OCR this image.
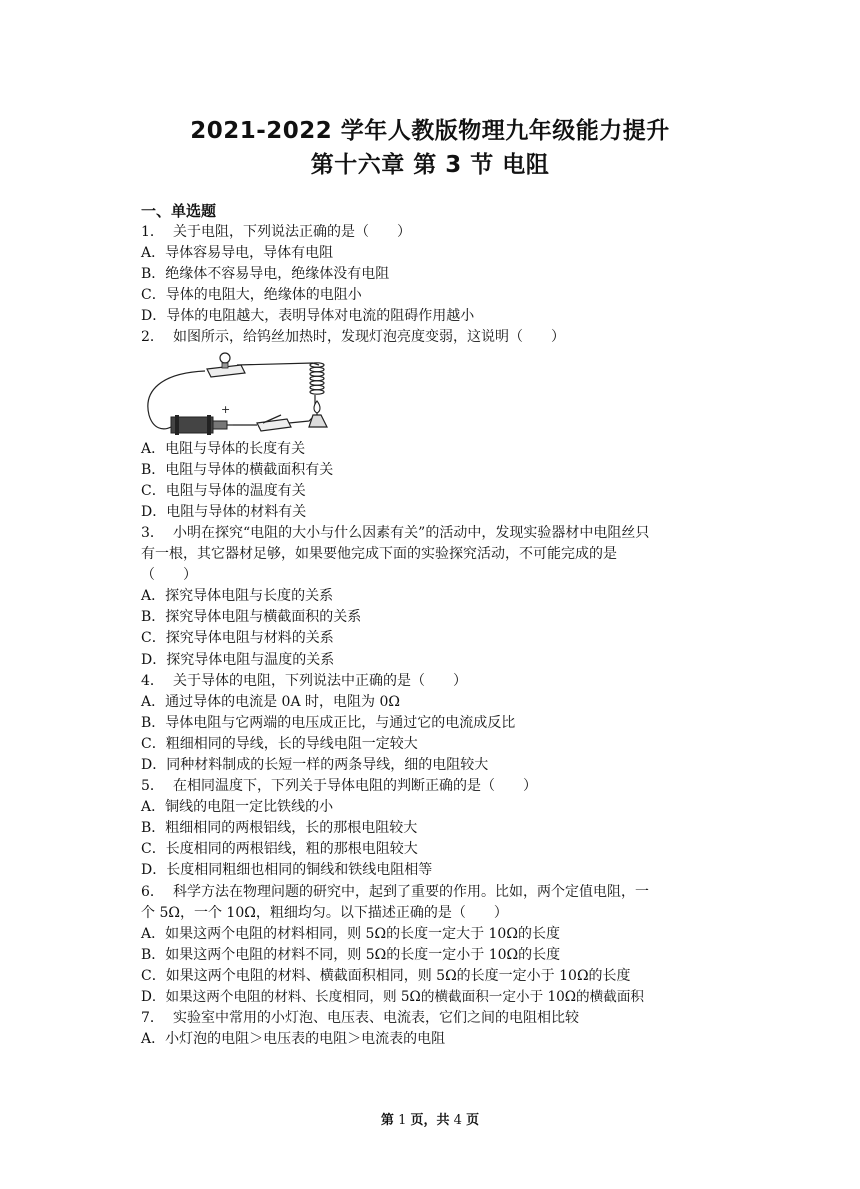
2021-2022 学年人教版物理九年级能力提升
第十六章 第 3 节 电阻
一、单选题
1． 关于电阻，下列说法正确的是（　　）
A．导体容易导电，导体有电阻
B．绝缘体不容易导电，绝缘体没有电阻
C．导体的电阻大，绝缘体的电阻小
D．导体的电阻越大，表明导体对电流的阻碍作用越小
2． 如图所示，给钨丝加热时，发现灯泡亮度变弱，这说明（　　）
+
A．电阻与导体的长度有关
B．电阻与导体的横截面积有关
C．电阻与导体的温度有关
D．电阻与导体的材料有关
3． 小明在探究“电阻的大小与什么因素有关”的活动中，发现实验器材中电阻丝只
有一根，其它器材足够，如果要他完成下面的实验探究活动，不可能完成的是
（　　）
A．探究导体电阻与长度的关系
B．探究导体电阻与横截面积的关系
C．探究导体电阻与材料的关系
D．探究导体电阻与温度的关系
4． 关于导体的电阻，下列说法中正确的是（　　）
A．通过导体的电流是 0A 时，电阻为 0Ω
B．导体电阻与它两端的电压成正比，与通过它的电流成反比
C．粗细相同的导线，长的导线电阻一定较大
D．同种材料制成的长短一样的两条导线，细的电阻较大
5． 在相同温度下，下列关于导体电阻的判断正确的是（　　）
A．铜线的电阻一定比铁线的小
B．粗细相同的两根铝线，长的那根电阻较大
C．长度相同的两根铝线，粗的那根电阻较大
D．长度相同粗细也相同的铜线和铁线电阻相等
6． 科学方法在物理问题的研究中，起到了重要的作用。比如，两个定值电阻，一
个 5Ω，一个 10Ω，粗细均匀。以下描述正确的是（　　）
A．如果这两个电阻的材料相同，则 5Ω的长度一定大于 10Ω的长度
B．如果这两个电阻的材料不同，则 5Ω的长度一定小于 10Ω的长度
C．如果这两个电阻的材料、横截面积相同，则 5Ω的长度一定小于 10Ω的长度
D．如果这两个电阻的材料、长度相同，则 5Ω的横截面积一定小于 10Ω的横截面积
7． 实验室中常用的小灯泡、电压表、电流表，它们之间的电阻相比较
A．小灯泡的电阻＞电压表的电阻＞电流表的电阻
第 1 页，共 4 页
